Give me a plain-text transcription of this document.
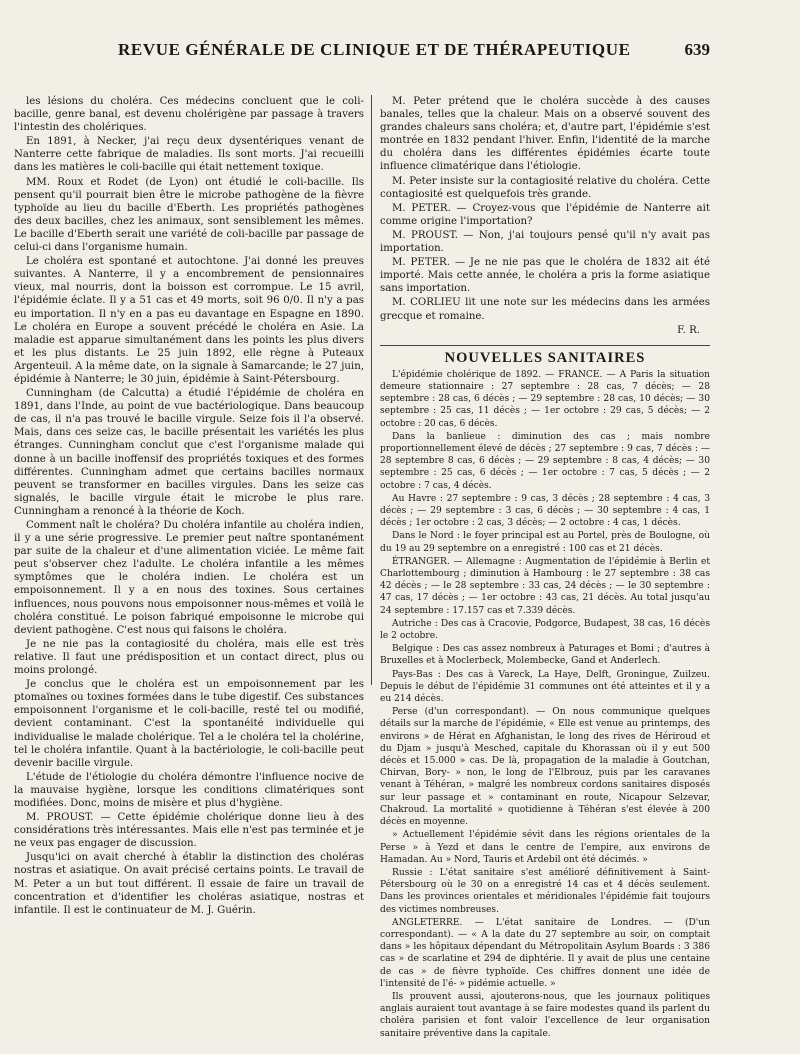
REVUE GÉNÉRALE DE CLINIQUE ET DE THÉRAPEUTIQUE	639

les lésions du choléra. Ces médecins concluent que le coli-bacille, genre banal, est devenu cholérigène par passage à travers l'intestin des cholériques.

En 1891, à Necker, j'ai reçu deux dysentériques venant de Nanterre cette fabrique de maladies. Ils sont morts. J'ai recueilli dans les matières le coli-bacille qui était nettement toxique.

MM. Roux et Rodet (de Lyon) ont étudié le coli-bacille. Ils pensent qu'il pourrait bien être le microbe pathogène de la fièvre typhoïde au lieu du bacille d'Eberth. Les propriétés pathogènes des deux bacilles, chez les animaux, sont sensiblement les mêmes. Le bacille d'Eberth serait une variété de coli-bacille par passage de celui-ci dans l'organisme humain.

Le choléra est spontané et autochtone. J'ai donné les preuves suivantes. A Nanterre, il y a encombrement de pensionnaires vieux, mal nourris, dont la boisson est corrompue. Le 15 avril, l'épidémie éclate. Il y a 51 cas et 49 morts, soit 96 0/0. Il n'y a pas eu importation. Il n'y en a pas eu davantage en Espagne en 1890. Le choléra en Europe a souvent précédé le choléra en Asie. La maladie est apparue simultanément dans les points les plus divers et les plus distants. Le 25 juin 1892, elle règne à Puteaux Argenteuil. A la même date, on la signale à Samarcande; le 27 juin, épidémie à Nanterre; le 30 juin, épidémie à Saint-Pétersbourg.

Cunningham (de Calcutta) a étudié l'épidémie de choléra en 1891, dans l'Inde, au point de vue bactériologique. Dans beaucoup de cas, il n'a pas trouvé le bacille virgule. Seize fois il l'a observé. Mais, dans ces seize cas, le bacille présentait les variétés les plus étranges. Cunningham conclut que c'est l'organisme malade qui donne à un bacille inoffensif des propriétés toxiques et des formes différentes. Cunningham admet que certains bacilles normaux peuvent se transformer en bacilles virgules. Dans les seize cas signalés, le bacille virgule était le microbe le plus rare. Cunningham a renoncé à la théorie de Koch.

Comment naît le choléra? Du choléra infantile au choléra indien, il y a une série progressive. Le premier peut naître spontanément par suite de la chaleur et d'une alimentation viciée. Le même fait peut s'observer chez l'adulte. Le choléra infantile a les mêmes symptômes que le choléra indien. Le choléra est un empoisonnement. Il y a en nous des toxines. Sous certaines influences, nous pouvons nous empoisonner nous-mêmes et voilà le choléra constitué. Le poison fabriqué empoisonne le microbe qui devient pathogène. C'est nous qui faisons le choléra.

Je ne nie pas la contagiosité du choléra, mais elle est très relative. Il faut une prédisposition et un contact direct, plus ou moins prolongé.

Je conclus que le choléra est un empoisonnement par les ptomaïnes ou toxines formées dans le tube digestif. Ces substances empoisonnent l'organisme et le coli-bacille, resté tel ou modifié, devient contaminant. C'est la spontanéité individuelle qui individualise le malade cholérique. Tel a le choléra tel la cholérine, tel le choléra infantile. Quant à la bactériologie, le coli-bacille peut devenir bacille virgule.

L'étude de l'étiologie du choléra démontre l'influence nocive de la mauvaise hygiène, lorsque les conditions climatériques sont modifiées. Donc, moins de misère et plus d'hygiène.

M. PROUST. — Cette épidémie cholérique donne lieu à des considérations très intéressantes. Mais elle n'est pas terminée et je ne veux pas engager de discussion.

Jusqu'ici on avait cherché à établir la distinction des choléras nostras et asiatique. On avait précisé certains points. Le travail de M. Peter a un but tout différent. Il essaie de faire un travail de concentration et d'identifier les choléras asiatique, nostras et infantile. Il est le continuateur de M. J. Guérin.

M. Peter prétend que le choléra succède à des causes banales, telles que la chaleur. Mais on a observé souvent des grandes chaleurs sans choléra; et, d'autre part, l'épidémie s'est montrée en 1832 pendant l'hiver. Enfin, l'identité de la marche du choléra dans les différentes épidémies écarte toute influence climatérique dans l'étiologie.

M. Peter insiste sur la contagiosité relative du choléra. Cette contagiosité est quelquefois très grande.

M. PETER. — Croyez-vous que l'épidémie de Nanterre ait comme origine l'importation?

M. PROUST. — Non, j'ai toujours pensé qu'il n'y avait pas importation.

M. PETER. — Je ne nie pas que le choléra de 1832 ait été importé. Mais cette année, le choléra a pris la forme asiatique sans importation.

M. CORLIEU lit une note sur les médecins dans les armées grecque et romaine.

F. R.
NOUVELLES SANITAIRES

L'épidémie cholérique de 1892. — FRANCE. — A Paris la situation demeure stationnaire : 27 septembre : 28 cas, 7 décès; — 28 septembre : 28 cas, 6 décès ; — 29 septembre : 28 cas, 10 décès; — 30 septembre : 25 cas, 11 décès ; — 1er octobre : 29 cas, 5 décès; — 2 octobre : 20 cas, 6 décès.

Dans la banlieue : diminution des cas ; mais nombre proportionnellement élevé de décès ; 27 septembre : 9 cas, 7 décès : — 28 septembre 8 cas, 6 décès ; — 29 septembre : 8 cas, 4 décès; — 30 septembre : 25 cas, 6 décès ; — 1er octobre : 7 cas, 5 décès ; — 2 octobre : 7 cas, 4 décès.

Au Havre : 27 septembre : 9 cas, 3 décès ; 28 septembre : 4 cas, 3 décès ; — 29 septembre : 3 cas, 6 décès ; — 30 septembre : 4 cas, 1 décès ; 1er octobre : 2 cas, 3 décès; — 2 octobre : 4 cas, 1 décès.

Dans le Nord : le foyer principal est au Portel, près de Boulogne, où du 19 au 29 septembre on a enregistré : 100 cas et 21 décès.

ÉTRANGER. — Allemagne : Augmentation de l'épidémie à Berlin et Charlottembourg ; diminution à Hambourg : le 27 septembre : 38 cas 42 décès ; — le 28 septembre : 33 cas, 24 décès ; — le 30 septembre : 47 cas, 17 décès ; — 1er octobre : 43 cas, 21 décès. Au total jusqu'au 24 septembre : 17.157 cas et 7.339 décès.

Autriche : Des cas à Cracovie, Podgorce, Budapest, 38 cas, 16 décès le 2 octobre.

Belgique : Des cas assez nombreux à Paturages et Bomi ; d'autres à Bruxelles et à Moclerbeck, Molembecke, Gand et Anderlech.

Pays-Bas : Des cas à Vareck, La Haye, Delft, Groningue, Zuilzeu. Depuis le début de l'épidémie 31 communes ont été atteintes et il y a eu 214 décès.

Perse (d'un correspondant). — On nous communique quelques détails sur la marche de l'épidémie, « Elle est venue au printemps, des environs » de Hérat en Afghanistan, le long des rives de Hériroud et du Djam » jusqu'à Mesched, capitale du Khorassan où il y eut 500 décès et 15.000 » cas. De là, propagation de la maladie à Goutchan, Chirvan, Bory- » non, le long de l'Elbrouz, puis par les caravanes venant à Téhéran, » malgré les nombreux cordons sanitaires disposés sur leur passage et » contaminant en route, Nicapour Selzevar, Chakroud. La mortalité » quotidienne à Téhéran s'est élevée à 200 décès en moyenne.

» Actuellement l'épidémie sévit dans les régions orientales de la Perse » à Yezd et dans le centre de l'empire, aux environs de Hamadan. Au » Nord, Tauris et Ardebil ont été décimés. »

Russie : L'état sanitaire s'est amélioré définitivement à Saint-Pétersbourg où le 30 on a enregistré 14 cas et 4 décès seulement. Dans les provinces orientales et méridionales l'épidémie fait toujours des victimes nombreuses.

ANGLETERRE. — L'état sanitaire de Londres. — (D'un correspondant). — « A la date du 27 septembre au soir, on comptait dans » les hôpitaux dépendant du Métropolitain Asylum Boards : 3 386 cas » de scarlatine et 294 de diphtérie. Il y avait de plus une centaine de cas » de fièvre typhoïde. Ces chiffres donnent une idée de l'intensité de l'é- » pidémie actuelle. »

Ils prouvent aussi, ajouterons-nous, que les journaux politiques anglais auraient tout avantage à se faire modestes quand ils parlent du choléra parisien et font valoir l'excellence de leur organisation sanitaire préventive dans la capitale.
